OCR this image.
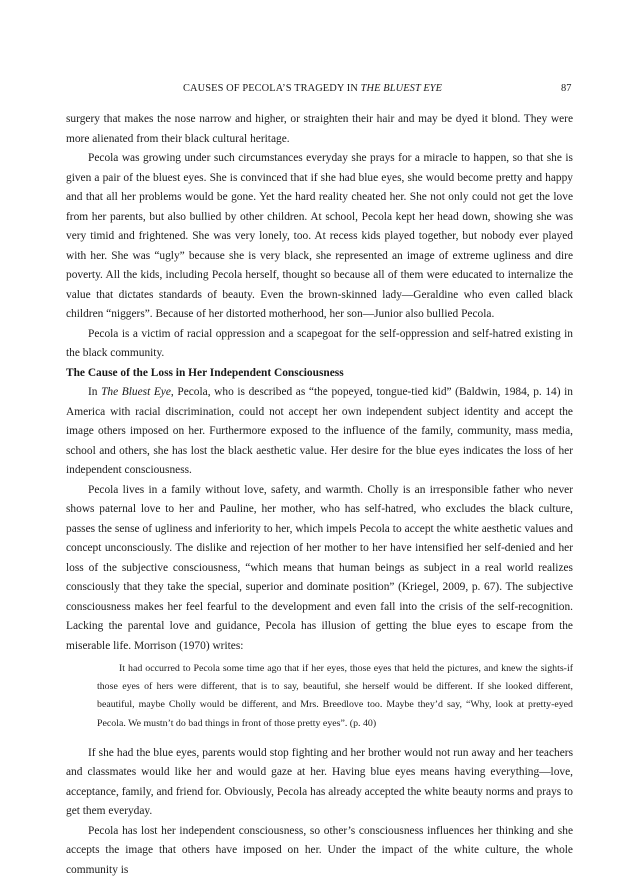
CAUSES OF PECOLA’S TRAGEDY IN THE BLUEST EYE	87

surgery that makes the nose narrow and higher, or straighten their hair and may be dyed it blond. They were more alienated from their black cultural heritage.

Pecola was growing under such circumstances everyday she prays for a miracle to happen, so that she is given a pair of the bluest eyes. She is convinced that if she had blue eyes, she would become pretty and happy and that all her problems would be gone. Yet the hard reality cheated her. She not only could not get the love from her parents, but also bullied by other children. At school, Pecola kept her head down, showing she was very timid and frightened. She was very lonely, too. At recess kids played together, but nobody ever played with her. She was “ugly” because she is very black, she represented an image of extreme ugliness and dire poverty. All the kids, including Pecola herself, thought so because all of them were educated to internalize the value that dictates standards of beauty. Even the brown-skinned lady—Geraldine who even called black children “niggers”. Because of her distorted motherhood, her son—Junior also bullied Pecola.

Pecola is a victim of racial oppression and a scapegoat for the self-oppression and self-hatred existing in the black community.

The Cause of the Loss in Her Independent Consciousness

In The Bluest Eye, Pecola, who is described as “the popeyed, tongue-tied kid” (Baldwin, 1984, p. 14) in America with racial discrimination, could not accept her own independent subject identity and accept the image others imposed on her. Furthermore exposed to the influence of the family, community, mass media, school and others, she has lost the black aesthetic value. Her desire for the blue eyes indicates the loss of her independent consciousness.

Pecola lives in a family without love, safety, and warmth. Cholly is an irresponsible father who never shows paternal love to her and Pauline, her mother, who has self-hatred, who excludes the black culture, passes the sense of ugliness and inferiority to her, which impels Pecola to accept the white aesthetic values and concept unconsciously. The dislike and rejection of her mother to her have intensified her self-denied and her loss of the subjective consciousness, “which means that human beings as subject in a real world realizes consciously that they take the special, superior and dominate position” (Kriegel, 2009, p. 67). The subjective consciousness makes her feel fearful to the development and even fall into the crisis of the self-recognition. Lacking the parental love and guidance, Pecola has illusion of getting the blue eyes to escape from the miserable life. Morrison (1970) writes:

It had occurred to Pecola some time ago that if her eyes, those eyes that held the pictures, and knew the sights-if those eyes of hers were different, that is to say, beautiful, she herself would be different. If she looked different, beautiful, maybe Cholly would be different, and Mrs. Breedlove too. Maybe they’d say, “Why, look at pretty-eyed Pecola. We mustn’t do bad things in front of those pretty eyes”. (p. 40)

If she had the blue eyes, parents would stop fighting and her brother would not run away and her teachers and classmates would like her and would gaze at her. Having blue eyes means having everything—love, acceptance, family, and friend for. Obviously, Pecola has already accepted the white beauty norms and prays to get them everyday.

Pecola has lost her independent consciousness, so other’s consciousness influences her thinking and she accepts the image that others have imposed on her. Under the impact of the white culture, the whole community is
